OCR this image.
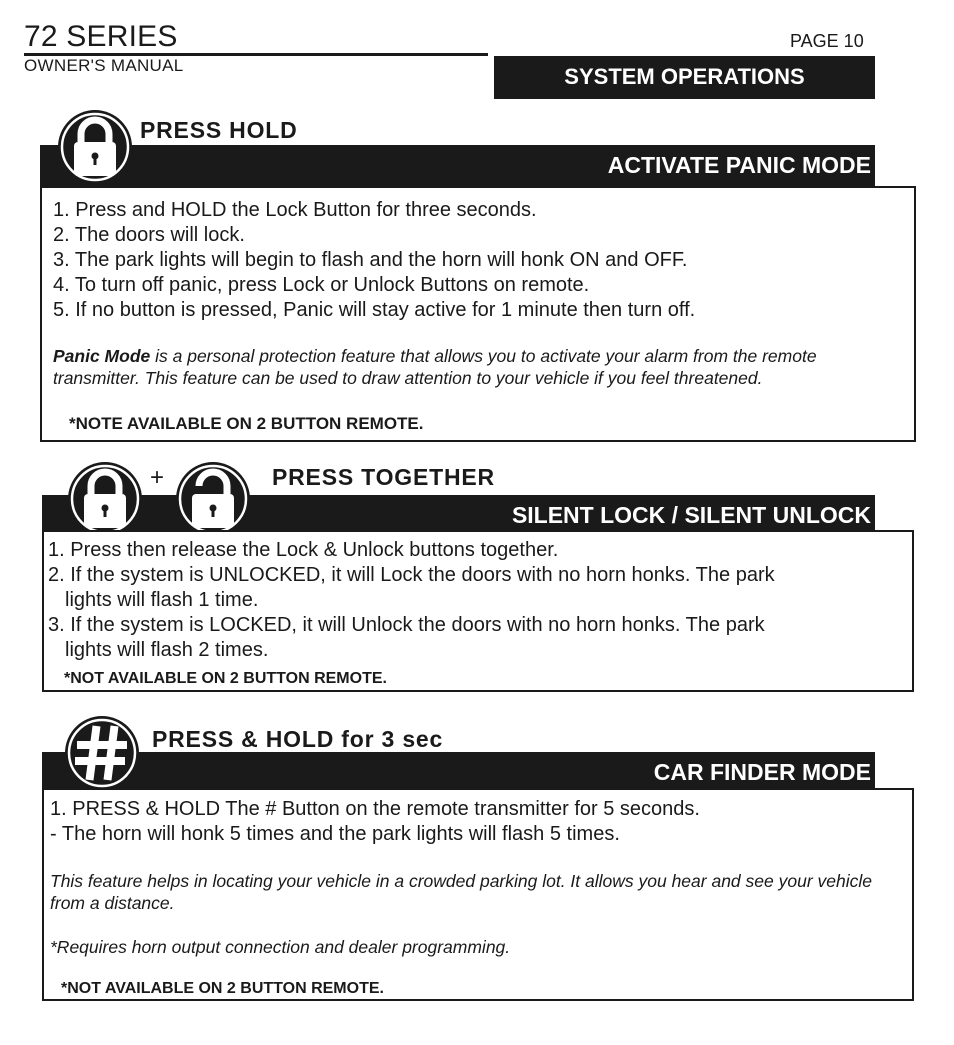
72 SERIES	PAGE 10
OWNER'S MANUAL	SYSTEM OPERATIONS
PRESS HOLD
ACTIVATE PANIC MODE
1. Press and HOLD the Lock Button for three seconds.
2. The doors will lock.
3. The park lights will begin to flash and the horn will honk ON and OFF.
4. To turn off panic, press Lock or Unlock Buttons on remote.
5. If no button is pressed, Panic will stay active for 1 minute then turn off.
Panic Mode is a personal protection feature that allows you to activate your alarm from the remote transmitter. This feature can be used to draw attention to your vehicle if you feel threatened.
*NOTE AVAILABLE ON 2 BUTTON REMOTE.
PRESS TOGETHER
SILENT LOCK / SILENT UNLOCK
+
1. Press then release the Lock & Unlock buttons together.
2. If the system is UNLOCKED, it will Lock the doors with no horn honks. The park
lights will flash 1 time.
3. If the system is LOCKED, it will Unlock the doors with no horn honks. The park
lights will flash 2 times.
*NOT AVAILABLE ON 2 BUTTON REMOTE.
PRESS & HOLD for 3 sec
CAR FINDER MODE
1. PRESS & HOLD The # Button on the remote transmitter for 5 seconds.
- The horn will honk 5 times and the park lights will flash 5 times.
This feature helps in locating your vehicle in a crowded parking lot. It allows you hear and see your vehicle from a distance.
*Requires horn output connection and dealer programming.
*NOT AVAILABLE ON 2 BUTTON REMOTE.
